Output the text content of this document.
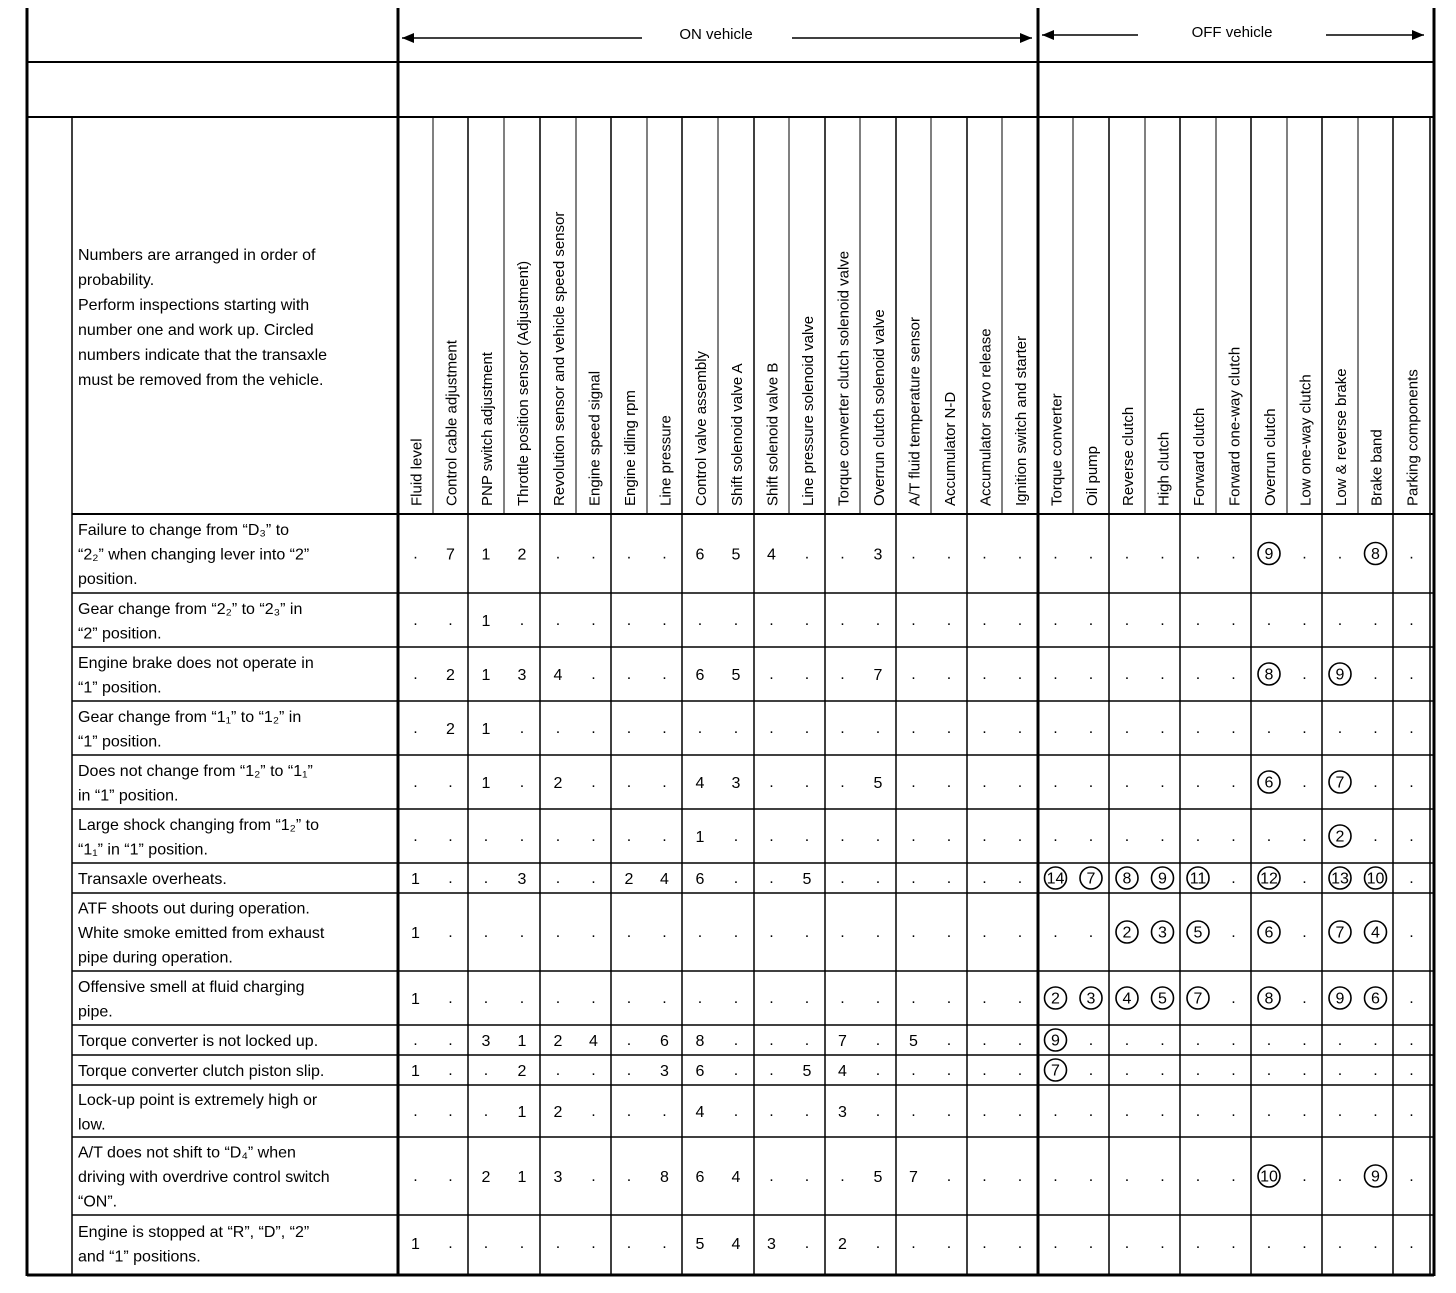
ON vehicle	OFF vehicle
Numbers are arranged in order of
probability.
Perform inspections starting with
number one and work up. Circled
numbers indicate that the transaxle
must be removed from the vehicle.
Fluid level Control cable adjustment PNP switch adjustment Throttle position sensor (Adjustment) Revolution sensor and vehicle speed sensor Engine speed signal Engine idling rpm Line pressure Control valve assembly Shift solenoid valve A Shift solenoid valve B Line pressure solenoid valve Torque converter clutch solenoid valve Overrun clutch solenoid valve A/T fluid temperature sensor Accumulator N-D Accumulator servo release Ignition switch and starter Torque converter Oil pump Reverse clutch High clutch Forward clutch Forward one-way clutch Overrun clutch Low one-way clutch Low & reverse brake Brake band Parking components
Failure to change from “D₃” to
“2₂” when changing lever into “2”
position.
Gear change from “2₂” to “2₃” in
“2” position.
Engine brake does not operate in
“1” position.
Gear change from “1₁” to “1₂” in
“1” position.
Does not change from “1₂” to “1₁”
in “1” position.
Large shock changing from “1₂” to
“1₁” in “1” position.
Transaxle overheats.
ATF shoots out during operation.
White smoke emitted from exhaust
pipe during operation.
Offensive smell at fluid charging
pipe.
Torque converter is not locked up.
Torque converter clutch piston slip.
Lock-up point is extremely high or
low.
A/T does not shift to “D₄” when
driving with overdrive control switch
“ON”.
Engine is stopped at “R”, “D”, “2”
and “1” positions.
. 7 1 2 . . . . 6 5 4 . . 3 . . . . . . . . . . 9 . . 8 .
. . 1 . . . . . . . . . . . . . . . . . . . . . . . . . .
. 2 1 3 4 . . . 6 5 . . . 7 . . . . . . . . . . 8 . 9 . .
. 2 1 . . . . . . . . . . . . . . . . . . . . . . . . . .
. . 1 . 2 . . . 4 3 . . . 5 . . . . . . . . . . 6 . 7 . .
. . . . . . . . 1 . . . . . . . . . . . . . . . . . 2 . .
1 . . 3 . . 2 4 6 . . 5 . . . . . . 14 7 8 9 11 . 12 . 13 10 .
1 . . . . . . . . . . . . . . . . . . . 2 3 5 . 6 . 7 4 .
1 . . . . . . . . . . . . . . . . . 2 3 4 5 7 . 8 . 9 6 .
. . 3 1 2 4 . 6 8 . . . 7 . 5 . . . 9 . . . . . . . . . .
1 . . 2 . . . 3 6 . . 5 4 . . . . . 7 . . . . . . . . . .
. . . 1 2 . . . 4 . . . 3 . . . . . . . . . . . . . . . .
. . 2 1 3 . . 8 6 4 . . . 5 7 . . . . . . . . . 10 . . 9 .
1 . . . . . . . 5 4 3 . 2 . . . . . . . . . . . . . . . .
